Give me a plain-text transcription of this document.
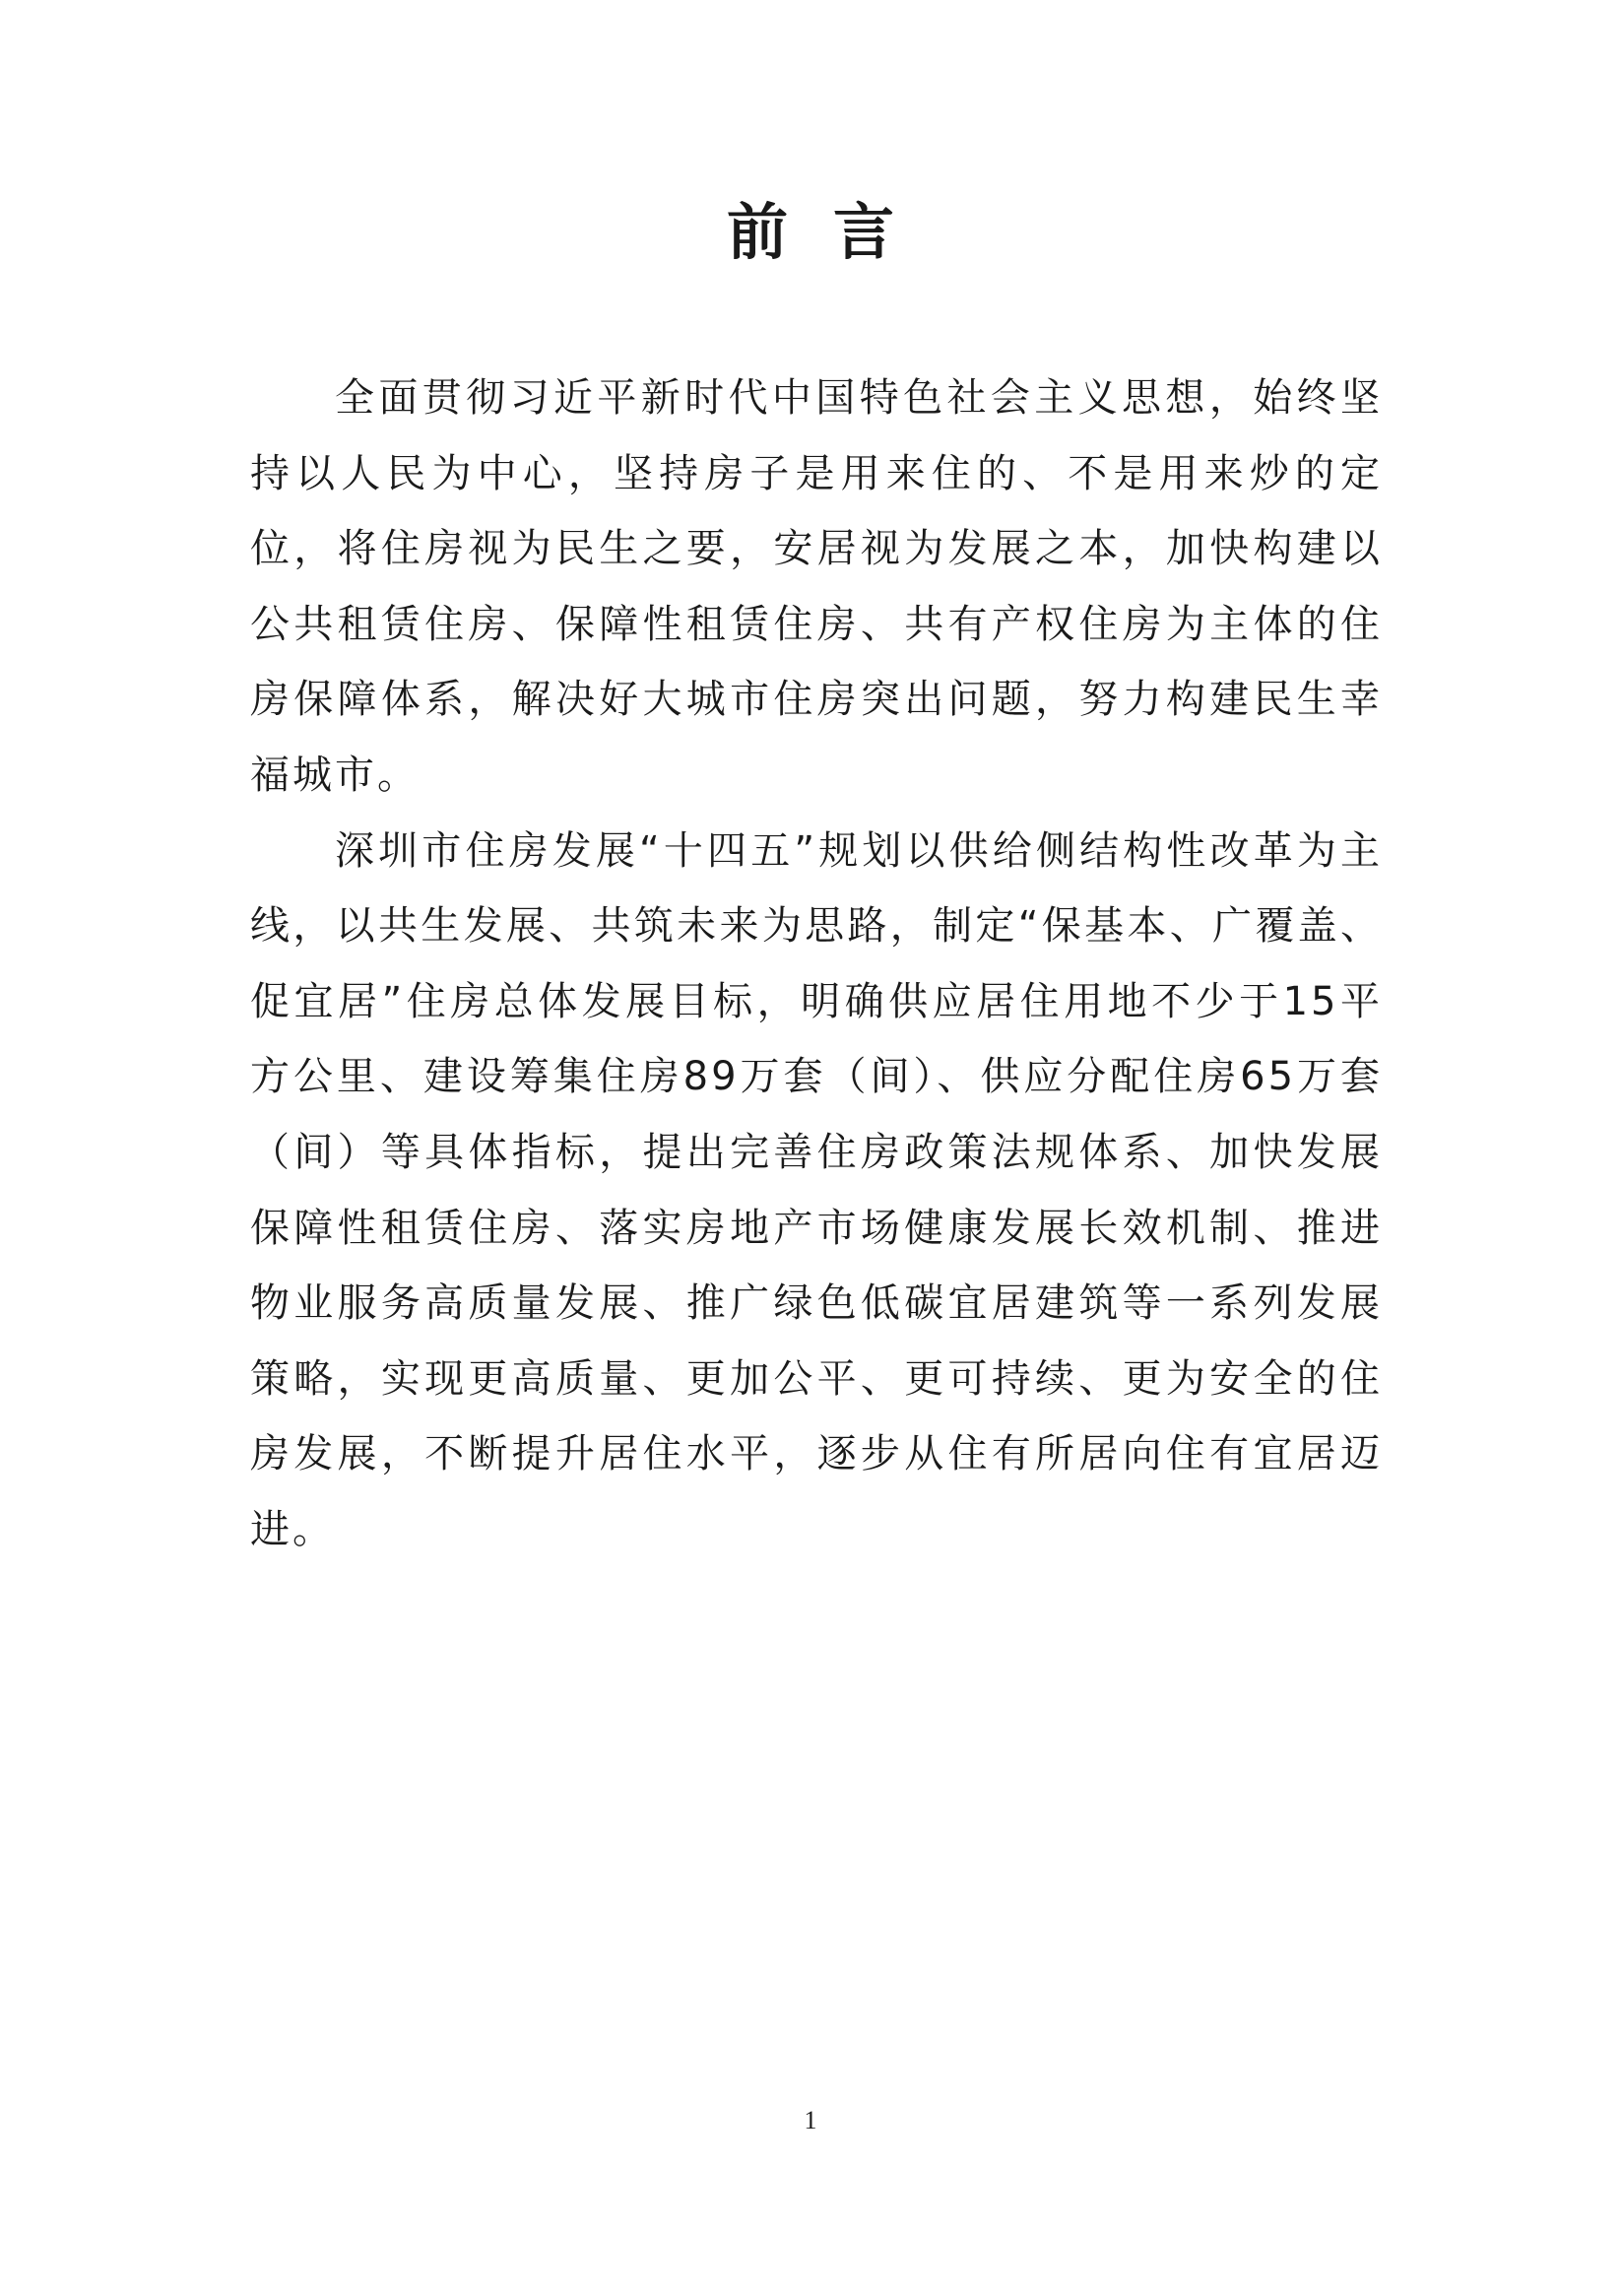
前言

全面贯彻习近平新时代中国特色社会主义思想，始终坚持以人民为中心，坚持房子是用来住的、不是用来炒的定位，将住房视为民生之要，安居视为发展之本，加快构建以公共租赁住房、保障性租赁住房、共有产权住房为主体的住房保障体系，解决好大城市住房突出问题，努力构建民生幸福城市。

深圳市住房发展“十四五”规划以供给侧结构性改革为主线，以共生发展、共筑未来为思路，制定“保基本、广覆盖、促宜居”住房总体发展目标，明确供应居住用地不少于15平方公里、建设筹集住房89万套（间）、供应分配住房65万套（间）等具体指标，提出完善住房政策法规体系、加快发展保障性租赁住房、落实房地产市场健康发展长效机制、推进物业服务高质量发展、推广绿色低碳宜居建筑等一系列发展策略，实现更高质量、更加公平、更可持续、更为安全的住房发展，不断提升居住水平，逐步从住有所居向住有宜居迈进。

1
